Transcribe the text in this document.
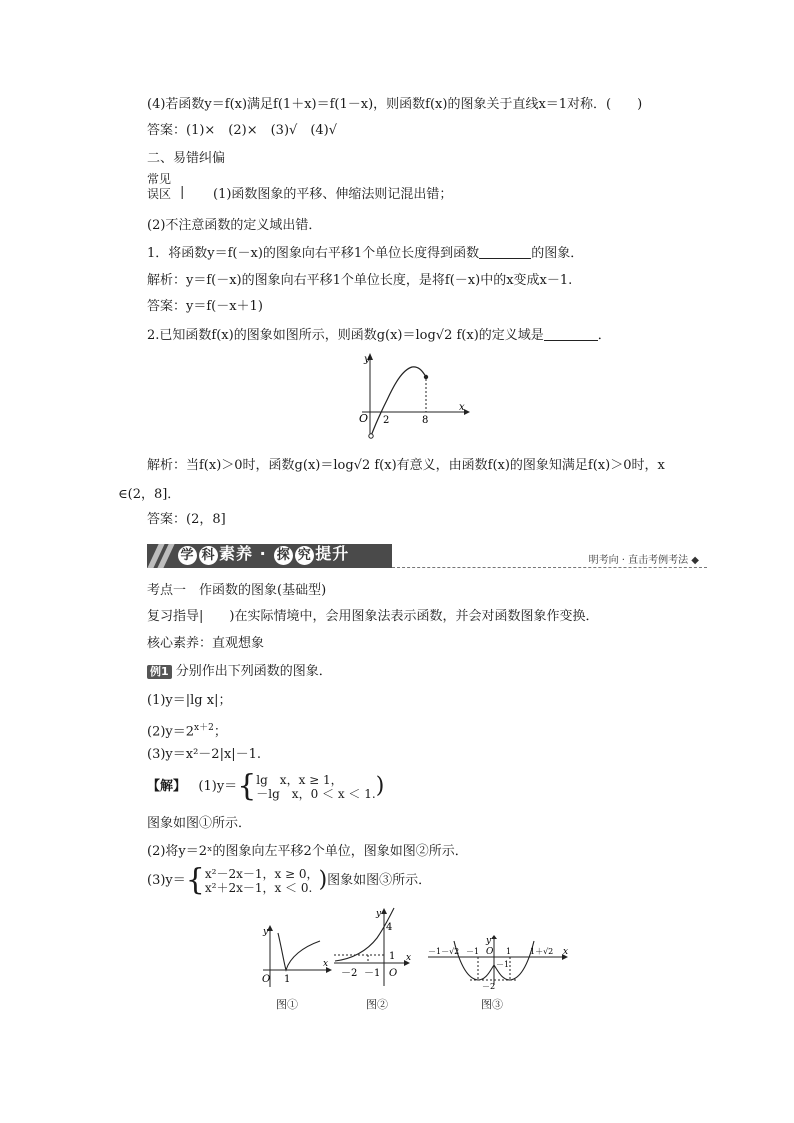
(4)若函数y＝f(x)满足f(1＋x)＝f(1－x)，则函数f(x)的图象关于直线x＝1对称．(　　)
答案：(1)×　(2)×　(3)√　(4)√
二、易错纠偏
常见
误区 | (1)函数图象的平移、伸缩法则记混出错；
(2)不注意函数的定义域出错．
1．将函数y＝f(－x)的图象向右平移1个单位长度得到函数	的图象．
解析：y＝f(－x)的图象向右平移1个单位长度，是将f(－x)中的x变成x－1.
答案：y＝f(－x＋1)
2.已知函数f(x)的图象如图所示，则函数g(x)＝log√2 f(x)的定义域是	．
y
x
O 2	8
解析：当f(x)＞0时，函数g(x)＝log√2 f(x)有意义，由函数f(x)的图象知满足f(x)＞0时，x
∈(2，8]．
答案：(2，8]
学 科 素养 · 探 究 提升	明考向 · 直击考例考法 ◆
考点一　作函数的图象(基础型)
复习指导|　　)在实际情境中，会用图象法表示函数，并会对函数图象作变换．
核心素养：直观想象
例1 分别作出下列函数的图象．
(1)y＝|lg x|；
$(2)y=2^{x+2}$；
(3)y＝x²－2|x|－1.
【解】 (1)y＝{lg　x，x ≥ 1，
－lg　x，0 ＜ x ＜ 1.)
图象如图①所示．
(2)将y＝2ˣ的图象向左平移2个单位，图象如图②所示．
(3)y＝{x²－2x－1，x ≥ 0，
x²＋2x－1，x ＜ 0. )图象如图③所示．
y
x
O 1
图①
y
x
O
4
1
－2 －1
图②
－1－√2 －1	1 1＋√2
－1
－2
y
x
O
图③
